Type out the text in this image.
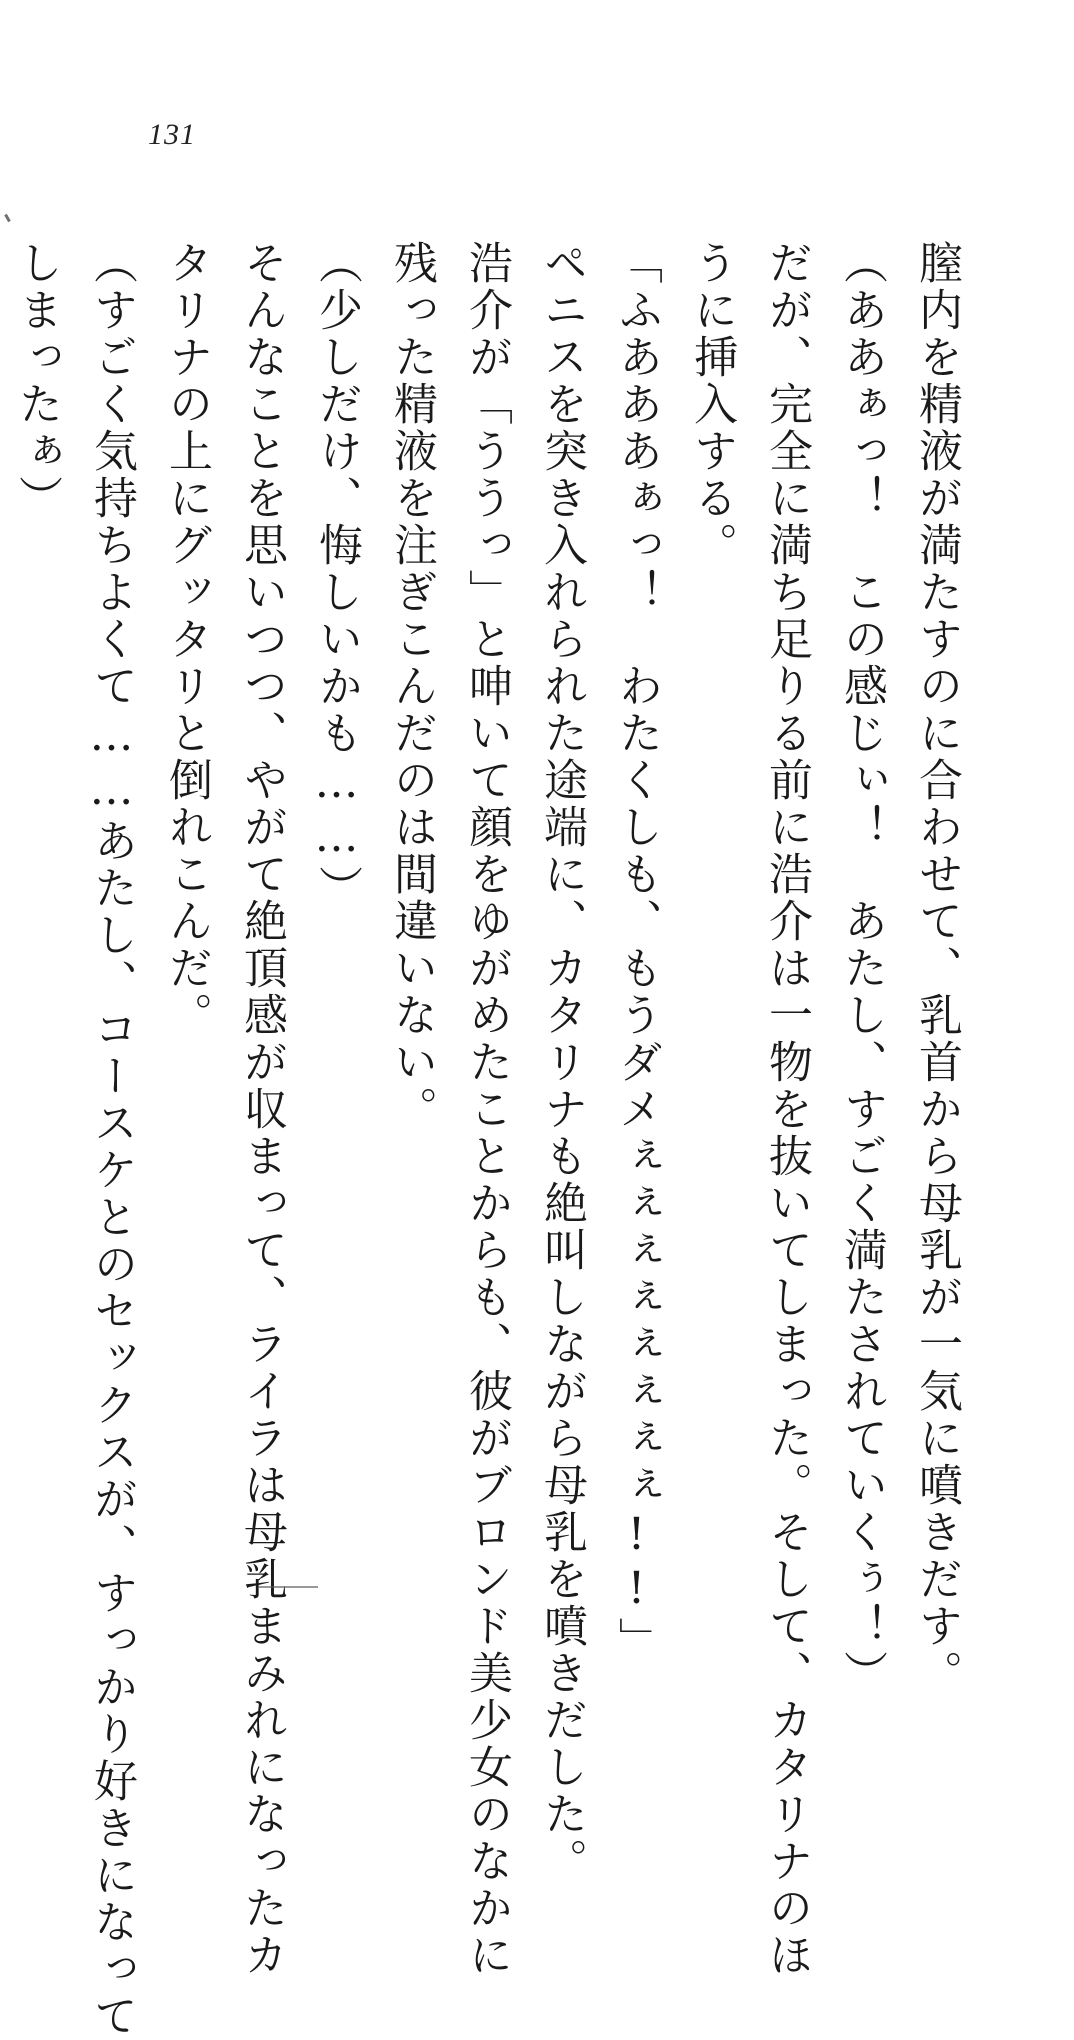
131
膣内を精液が満たすのに合わせて、乳首から母乳が一気に噴きだす。
（ああぁっ！　この感じぃ！　あたし、すごく満たされていくぅ！）
だが、完全に満ち足りる前に浩介は一物を抜いてしまった。そして、カタリナのほ
うに挿入する。
「ふあああぁっ！　わたくしも、もうダメぇぇぇぇぇぇぇぇ!!」
ペニスを突き入れられた途端に、カタリナも絶叫しながら母乳を噴きだした。
浩介が「ううっ」と呻いて顔をゆがめたことからも、彼がブロンド美少女のなかに
残った精液を注ぎこんだのは間違いない。
（少しだけ、悔しいかも……）
そんなことを思いつつ、やがて絶頂感が収まって、ライラは母乳まみれになったカ
タリナの上にグッタリと倒れこんだ。
（すごく気持ちよくて……あたし、コースケとのセックスが、すっかり好きになって
しまったぁ）
